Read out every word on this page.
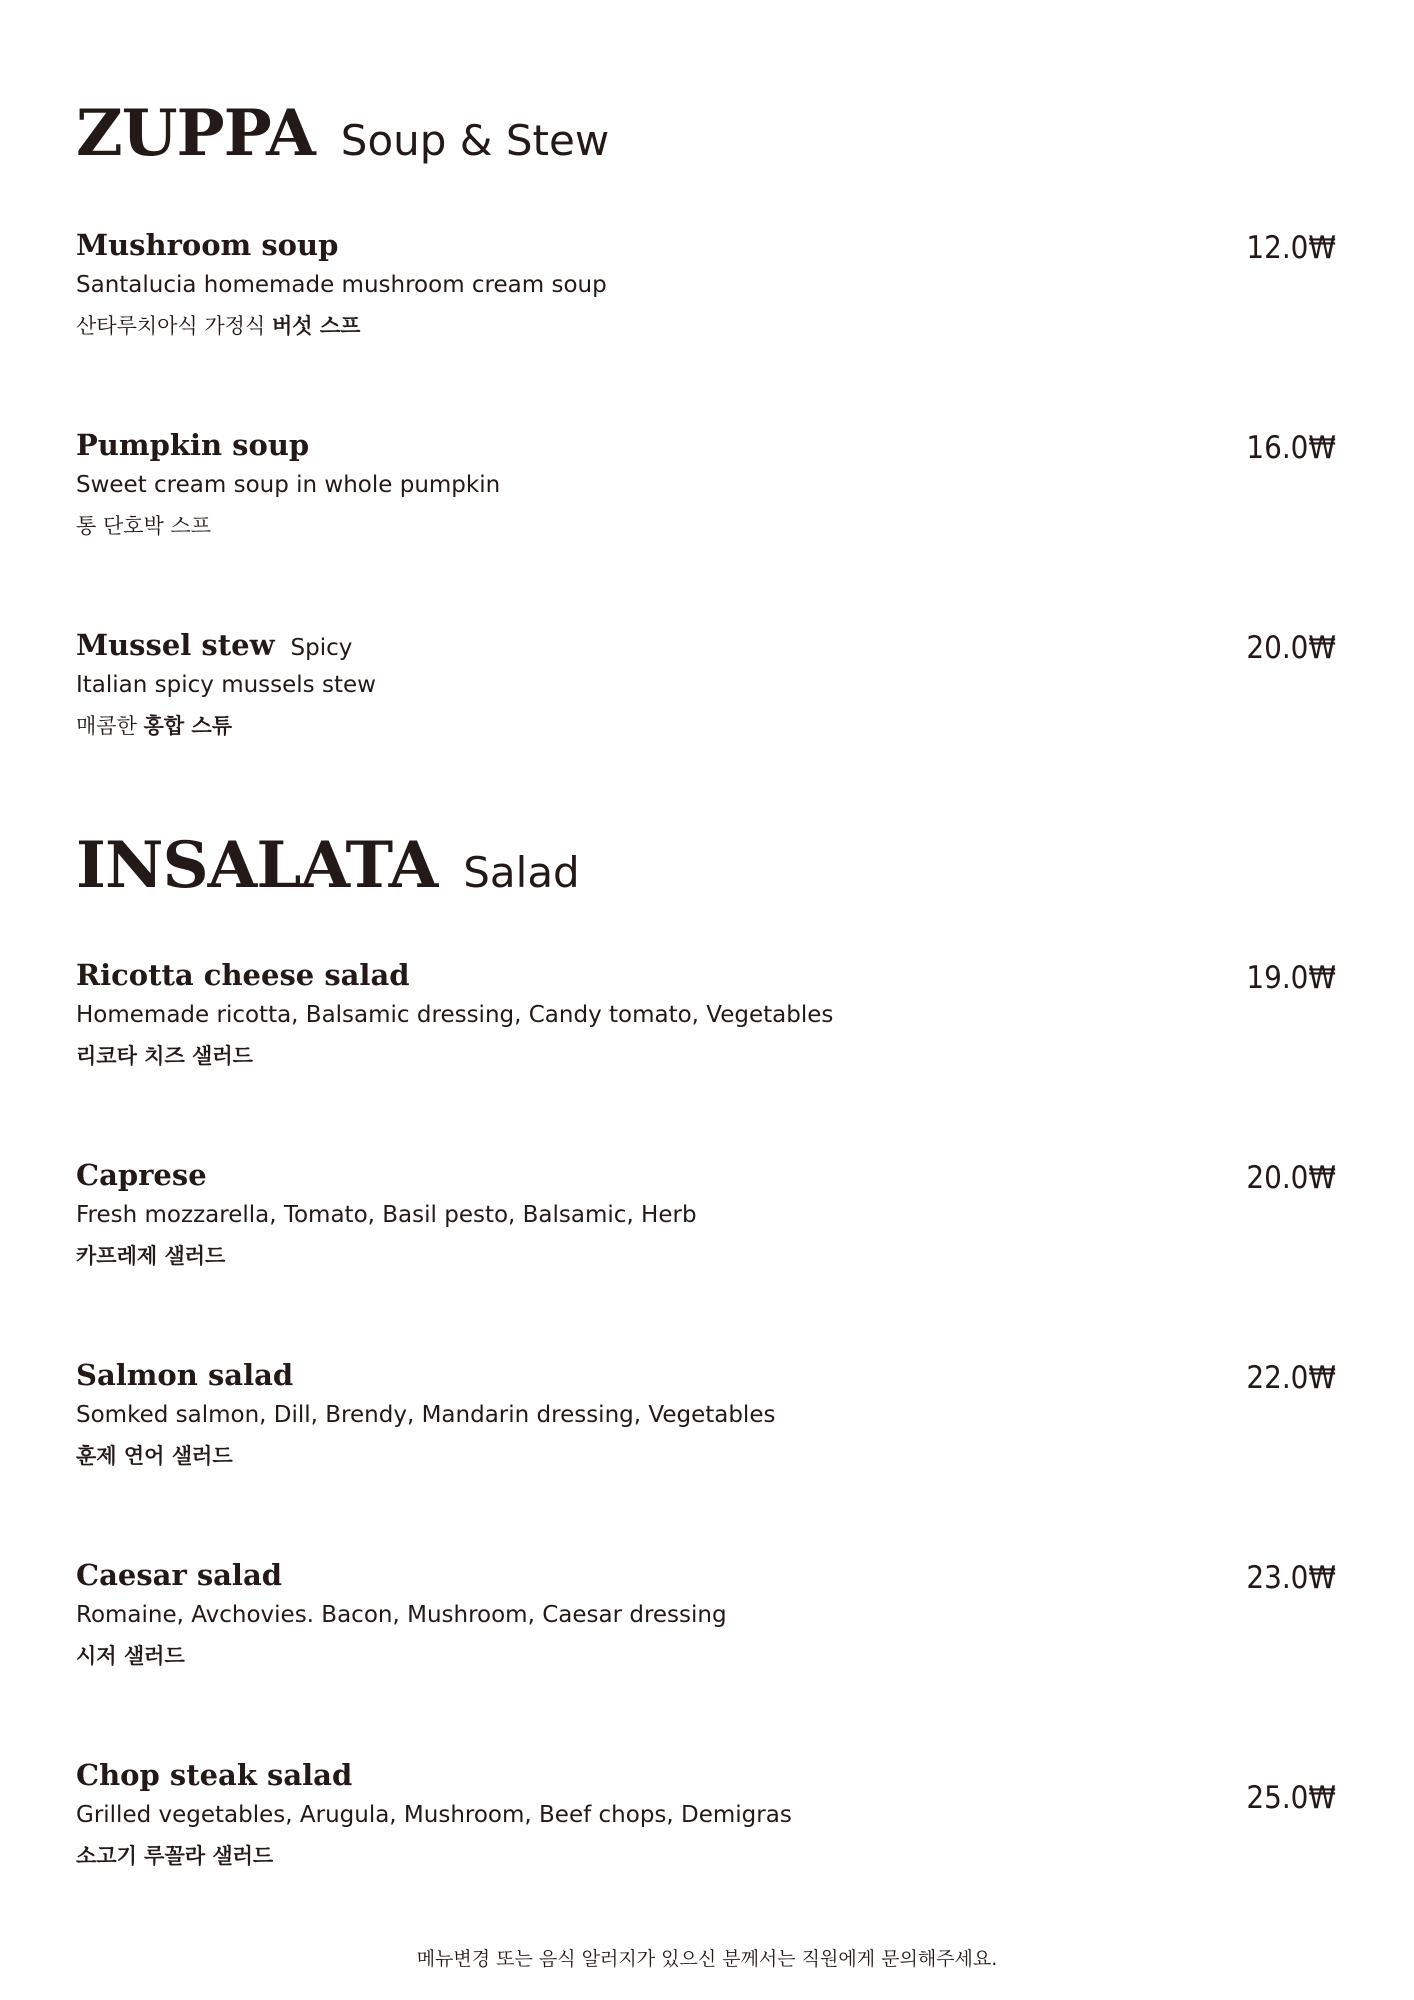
ZUPPA Soup & Stew
Mushroom soup
Santalucia homemade mushroom cream soup
산타루치아식 가정식 버섯 스프
12.0₩
Pumpkin soup
Sweet cream soup in whole pumpkin
통 단호박 스프
16.0₩
Mussel stew Spicy
Italian spicy mussels stew
매콤한 홍합 스튜
20.0₩
INSALATA Salad
Ricotta cheese salad
Homemade ricotta, Balsamic dressing, Candy tomato, Vegetables
리코타 치즈 샐러드
19.0₩
Caprese
Fresh mozzarella, Tomato, Basil pesto, Balsamic, Herb
카프레제 샐러드
20.0₩
Salmon salad
Somked salmon, Dill, Brendy, Mandarin dressing, Vegetables
훈제 연어 샐러드
22.0₩
Caesar salad
Romaine, Avchovies. Bacon, Mushroom, Caesar dressing
시저 샐러드
23.0₩
Chop steak salad
Grilled vegetables, Arugula, Mushroom, Beef chops, Demigras
소고기 루꼴라 샐러드
25.0₩
메뉴변경 또는 음식 알러지가 있으신 분께서는 직원에게 문의해주세요.
